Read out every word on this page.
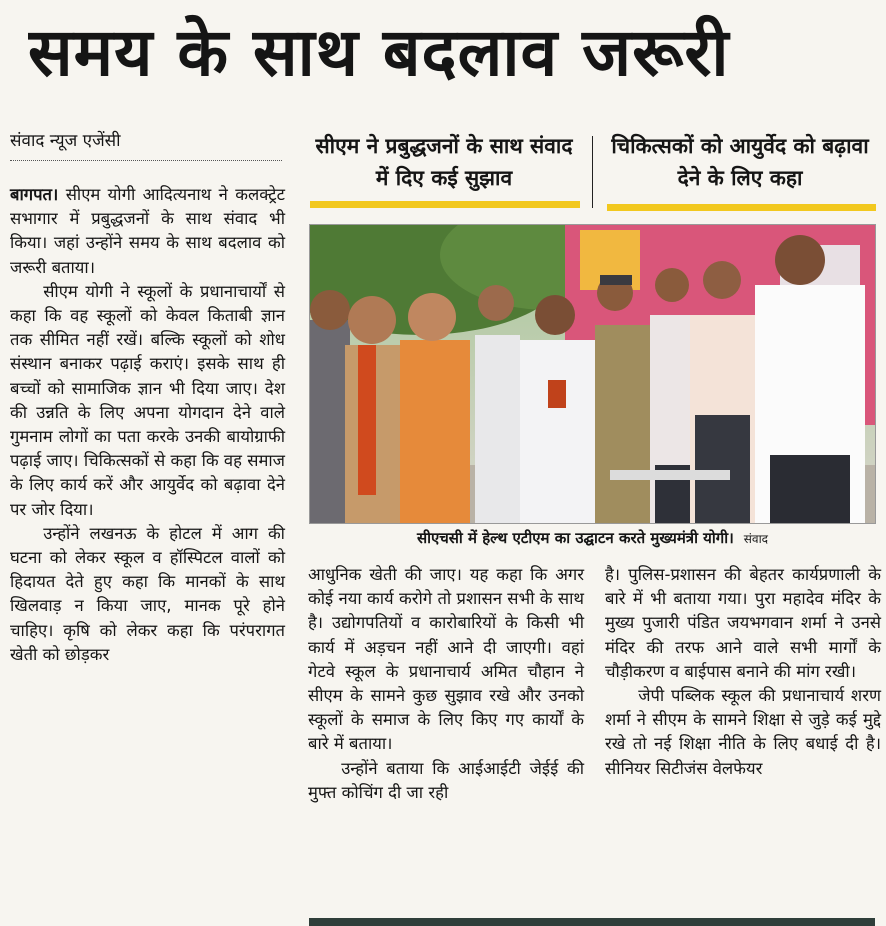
समय के साथ बदलाव जरूरी
संवाद न्यूज एजेंसी

बागपत। सीएम योगी आदित्यनाथ ने कलक्ट्रेट सभागार में प्रबुद्धजनों के साथ संवाद भी किया। जहां उन्होंने समय के साथ बदलाव को जरूरी बताया।

सीएम योगी ने स्कूलों के प्रधानाचार्यों से कहा कि वह स्कूलों को केवल किताबी ज्ञान तक सीमित नहीं रखें। बल्कि स्कूलों को शोध संस्थान बनाकर पढ़ाई कराएं। इसके साथ ही बच्चों को सामाजिक ज्ञान भी दिया जाए। देश की उन्नति के लिए अपना योगदान देने वाले गुमनाम लोगों का पता करके उनकी बायोग्राफी पढ़ाई जाए। चिकित्सकों से कहा कि वह समाज के लिए कार्य करें और आयुर्वेद को बढ़ावा देने पर जोर दिया।

उन्होंने लखनऊ के होटल में आग की घटना को लेकर स्कूल व हॉस्पिटल वालों को हिदायत देते हुए कहा कि मानकों के साथ खिलवाड़ न किया जाए, मानक पूरे होने चाहिए। कृषि को लेकर कहा कि परंपरागत खेती को छोड़कर

सीएम ने प्रबुद्धजनों के साथ संवाद में दिए कई सुझाव
चिकित्सकों को आयुर्वेद को बढ़ावा देने के लिए कहा
सीएचसी में हेल्थ एटीएम का उद्घाटन करते मुख्यमंत्री योगी। संवाद

आधुनिक खेती की जाए। यह कहा कि अगर कोई नया कार्य करोगे तो प्रशासन सभी के साथ है। उद्योगपतियों व कारोबारियों के किसी भी कार्य में अड़चन नहीं आने दी जाएगी। वहां गेटवे स्कूल के प्रधानाचार्य अमित चौहान ने सीएम के सामने कुछ सुझाव रखे और उनको स्कूलों के समाज के लिए किए गए कार्यों के बारे में बताया।

उन्होंने बताया कि आईआईटी जेईई की मुफ्त कोचिंग दी जा रही

है। पुलिस-प्रशासन की बेहतर कार्यप्रणाली के बारे में भी बताया गया। पुरा महादेव मंदिर के मुख्य पुजारी पंडित जयभगवान शर्मा ने उनसे मंदिर की तरफ आने वाले सभी मार्गों के चौड़ीकरण व बाईपास बनाने की मांग रखी।

जेपी पब्लिक स्कूल की प्रधानाचार्य शरण शर्मा ने सीएम के सामने शिक्षा से जुड़े कई मुद्दे रखे तो नई शिक्षा नीति के लिए बधाई दी है। सीनियर सिटीजंस वेलफेयर
